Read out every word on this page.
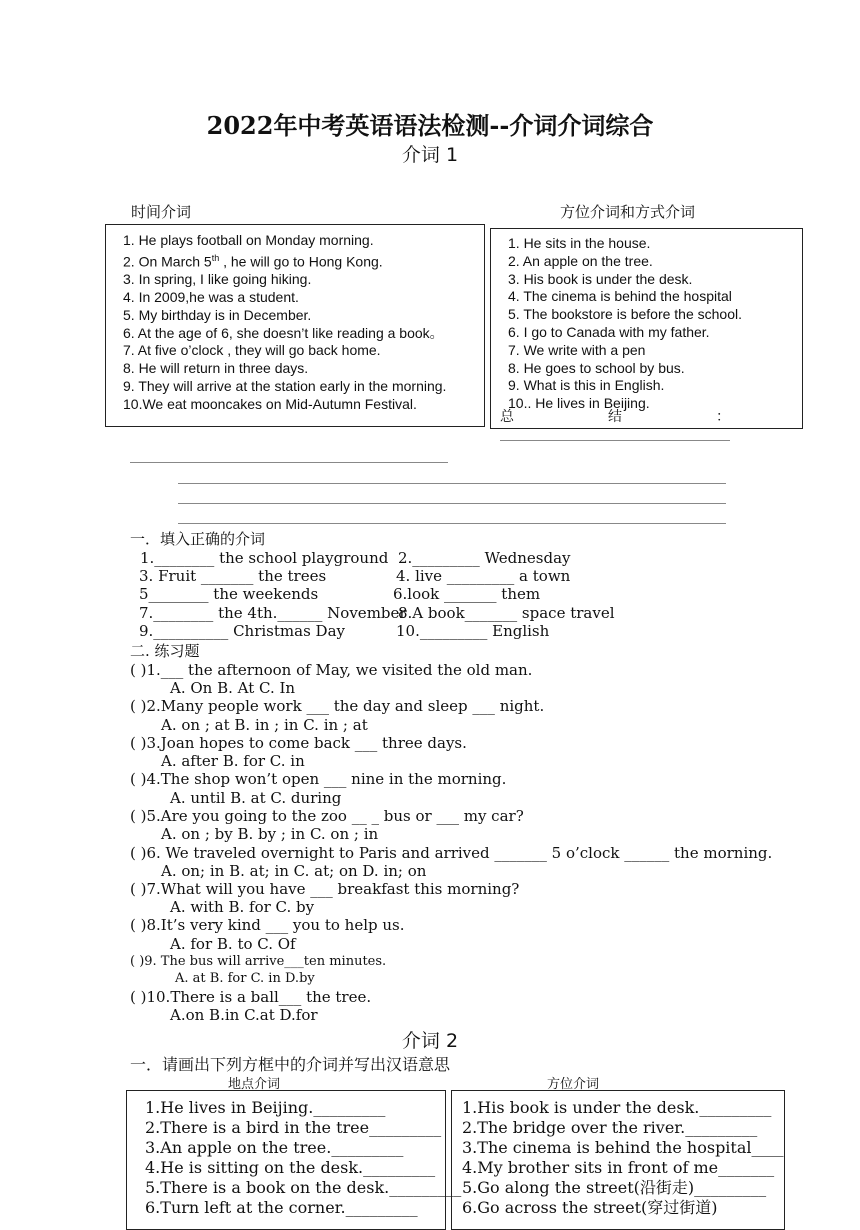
2022年中考英语语法检测--介词介词综合
介词 1
时间介词	方位介词和方式介词
1. He plays football on Monday morning.
2. On March 5th , he will go to Hong Kong.
3. In spring, I like going hiking.
4. In 2009,he was a student.
5. My birthday is in December.
6. At the age of 6, she doesn’t like reading a book。
7. At five o’clock , they will go back home.
8. He will return in three days.
9. They will arrive at the station early in the morning.
10.We eat mooncakes on Mid-Autumn Festival.
1. He sits in the house.
2. An apple on the tree.
3. His book is under the desk.
4. The cinema is behind the hospital
5. The bookstore is before the school.
6. I go to Canada with my father.
7. We write with a pen
8. He goes to school by bus.
9. What is this in English.
10.. He lives in Beijing.
总	结	：
一．填入正确的介词
1.________ the school playground 2._________ Wednesday
3. Fruit _______ the trees	4. live _________ a town
5________ the weekends	6.look _______ them
7.________ the 4th.______ November
8.A book_______ space travel
9.__________ Christmas Day	10._________ English
二. 练习题
( )1.___ the afternoon of May, we visited the old man.
A. On B. At C. In
( )2.Many people work ___ the day and sleep ___ night.
A. on ; at B. in ; in C. in ; at
( )3.Joan hopes to come back ___ three days.
A. after B. for C. in
( )4.The shop won’t open ___ nine in the morning.
A. until B. at C. during
( )5.Are you going to the zoo __ _ bus or ___ my car?
A. on ; by B. by ; in C. on ; in
( )6. We traveled overnight to Paris and arrived _______ 5 o’clock ______ the morning.
A. on; in B. at; in C. at; on D. in; on
( )7.What will you have ___ breakfast this morning?
A. with B. for C. by
( )8.It’s very kind ___ you to help us.
A. for B. to C. Of
( )9. The bus will arrive___ten minutes.
A. at B. for C. in D.by
( )10.There is a ball___ the tree.
A.on B.in C.at D.for
介词 2
一．请画出下列方框中的介词并写出汉语意思
地点介词	方位介词
1.He lives in Beijing._________
2.There is a bird in the tree_________
3.An apple on the tree._________
4.He is sitting on the desk._________
5.There is a book on the desk._________
6.Turn left at the corner._________
1.His book is under the desk._________
2.The bridge over the river._________
3.The cinema is behind the hospital____
4.My brother sits in front of me_______
5.Go along the street(沿街走)_________
6.Go across the street(穿过街道)
